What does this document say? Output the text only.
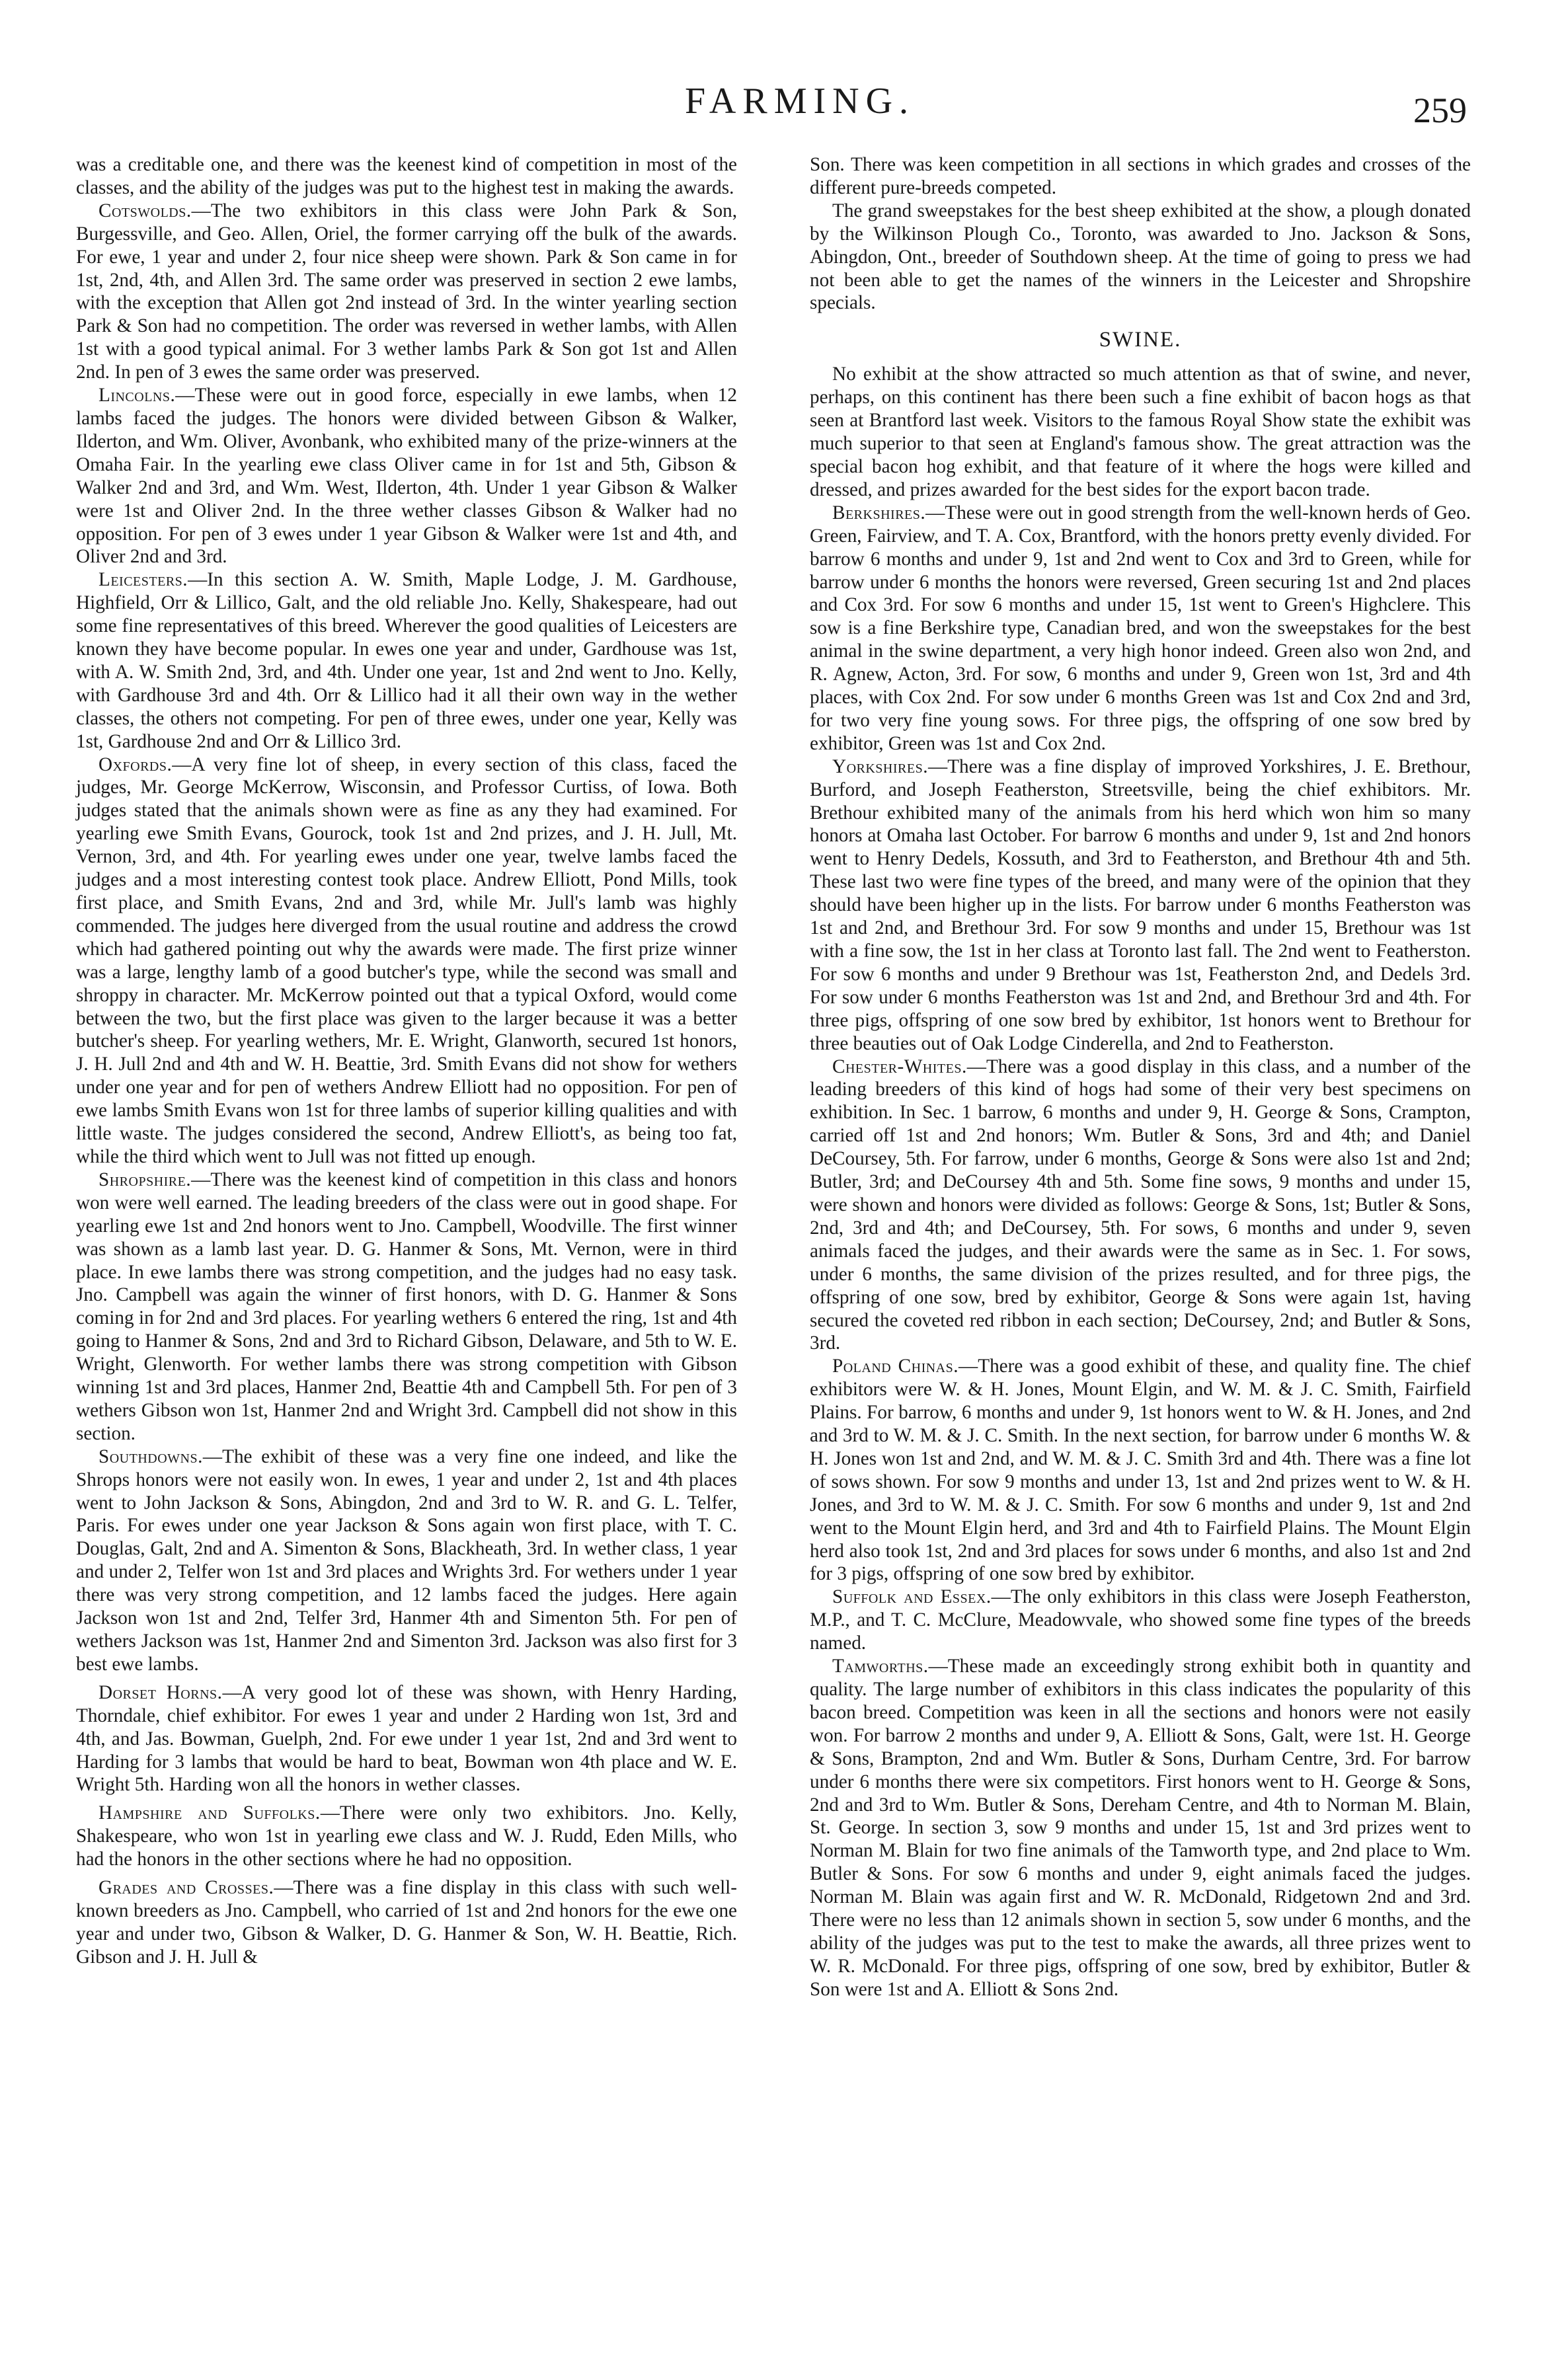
FARMING.	259

was a creditable one, and there was the keenest kind of competition in most of the classes, and the ability of the judges was put to the highest test in making the awards.

Cotswolds.—The two exhibitors in this class were John Park & Son, Burgessville, and Geo. Allen, Oriel, the former carrying off the bulk of the awards. For ewe, 1 year and under 2, four nice sheep were shown. Park & Son came in for 1st, 2nd, 4th, and Allen 3rd. The same order was preserved in section 2 ewe lambs, with the exception that Allen got 2nd instead of 3rd. In the winter yearling section Park & Son had no competition. The order was reversed in wether lambs, with Allen 1st with a good typical animal. For 3 wether lambs Park & Son got 1st and Allen 2nd. In pen of 3 ewes the same order was preserved.

Lincolns.—These were out in good force, especially in ewe lambs, when 12 lambs faced the judges. The honors were divided between Gibson & Walker, Ilderton, and Wm. Oliver, Avonbank, who exhibited many of the prize-winners at the Omaha Fair. In the yearling ewe class Oliver came in for 1st and 5th, Gibson & Walker 2nd and 3rd, and Wm. West, Ilderton, 4th. Under 1 year Gibson & Walker were 1st and Oliver 2nd. In the three wether classes Gibson & Walker had no opposition. For pen of 3 ewes under 1 year Gibson & Walker were 1st and 4th, and Oliver 2nd and 3rd.

Leicesters.—In this section A. W. Smith, Maple Lodge, J. M. Gardhouse, Highfield, Orr & Lillico, Galt, and the old reliable Jno. Kelly, Shakespeare, had out some fine representatives of this breed. Wherever the good qualities of Leicesters are known they have become popular. In ewes one year and under, Gardhouse was 1st, with A. W. Smith 2nd, 3rd, and 4th. Under one year, 1st and 2nd went to Jno. Kelly, with Gardhouse 3rd and 4th. Orr & Lillico had it all their own way in the wether classes, the others not competing. For pen of three ewes, under one year, Kelly was 1st, Gardhouse 2nd and Orr & Lillico 3rd.

Oxfords.—A very fine lot of sheep, in every section of this class, faced the judges, Mr. George McKerrow, Wisconsin, and Professor Curtiss, of Iowa. Both judges stated that the animals shown were as fine as any they had examined. For yearling ewe Smith Evans, Gourock, took 1st and 2nd prizes, and J. H. Jull, Mt. Vernon, 3rd, and 4th. For yearling ewes under one year, twelve lambs faced the judges and a most interesting contest took place. Andrew Elliott, Pond Mills, took first place, and Smith Evans, 2nd and 3rd, while Mr. Jull's lamb was highly commended. The judges here diverged from the usual routine and address the crowd which had gathered pointing out why the awards were made. The first prize winner was a large, lengthy lamb of a good butcher's type, while the second was small and shroppy in character. Mr. McKerrow pointed out that a typical Oxford, would come between the two, but the first place was given to the larger because it was a better butcher's sheep. For yearling wethers, Mr. E. Wright, Glanworth, secured 1st honors, J. H. Jull 2nd and 4th and W. H. Beattie, 3rd. Smith Evans did not show for wethers under one year and for pen of wethers Andrew Elliott had no opposition. For pen of ewe lambs Smith Evans won 1st for three lambs of superior killing qualities and with little waste. The judges considered the second, Andrew Elliott's, as being too fat, while the third which went to Jull was not fitted up enough.

Shropshire.—There was the keenest kind of competition in this class and honors won were well earned. The leading breeders of the class were out in good shape. For yearling ewe 1st and 2nd honors went to Jno. Campbell, Woodville. The first winner was shown as a lamb last year. D. G. Hanmer & Sons, Mt. Vernon, were in third place. In ewe lambs there was strong competition, and the judges had no easy task. Jno. Campbell was again the winner of first honors, with D. G. Hanmer & Sons coming in for 2nd and 3rd places. For yearling wethers 6 entered the ring, 1st and 4th going to Hanmer & Sons, 2nd and 3rd to Richard Gibson, Delaware, and 5th to W. E. Wright, Glenworth. For wether lambs there was strong competition with Gibson winning 1st and 3rd places, Hanmer 2nd, Beattie 4th and Campbell 5th. For pen of 3 wethers Gibson won 1st, Hanmer 2nd and Wright 3rd. Campbell did not show in this section.

Southdowns.—The exhibit of these was a very fine one indeed, and like the Shrops honors were not easily won. In ewes, 1 year and under 2, 1st and 4th places went to John Jackson & Sons, Abingdon, 2nd and 3rd to W. R. and G. L. Telfer, Paris. For ewes under one year Jackson & Sons again won first place, with T. C. Douglas, Galt, 2nd and A. Simenton & Sons, Blackheath, 3rd. In wether class, 1 year and under 2, Telfer won 1st and 3rd places and Wrights 3rd. For wethers under 1 year there was very strong competition, and 12 lambs faced the judges. Here again Jackson won 1st and 2nd, Telfer 3rd, Hanmer 4th and Simenton 5th. For pen of wethers Jackson was 1st, Hanmer 2nd and Simenton 3rd. Jackson was also first for 3 best ewe lambs.

Dorset Horns.—A very good lot of these was shown, with Henry Harding, Thorndale, chief exhibitor. For ewes 1 year and under 2 Harding won 1st, 3rd and 4th, and Jas. Bowman, Guelph, 2nd. For ewe under 1 year 1st, 2nd and 3rd went to Harding for 3 lambs that would be hard to beat, Bowman won 4th place and W. E. Wright 5th. Harding won all the honors in wether classes.

Hampshire and Suffolks.—There were only two exhibitors. Jno. Kelly, Shakespeare, who won 1st in yearling ewe class and W. J. Rudd, Eden Mills, who had the honors in the other sections where he had no opposition.

Grades and Crosses.—There was a fine display in this class with such well-known breeders as Jno. Campbell, who carried of 1st and 2nd honors for the ewe one year and under two, Gibson & Walker, D. G. Hanmer & Son, W. H. Beattie, Rich. Gibson and J. H. Jull &

Son. There was keen competition in all sections in which grades and crosses of the different pure-breeds competed.

The grand sweepstakes for the best sheep exhibited at the show, a plough donated by the Wilkinson Plough Co., Toronto, was awarded to Jno. Jackson & Sons, Abingdon, Ont., breeder of Southdown sheep. At the time of going to press we had not been able to get the names of the winners in the Leicester and Shropshire specials.

SWINE.

No exhibit at the show attracted so much attention as that of swine, and never, perhaps, on this continent has there been such a fine exhibit of bacon hogs as that seen at Brantford last week. Visitors to the famous Royal Show state the exhibit was much superior to that seen at England's famous show. The great attraction was the special bacon hog exhibit, and that feature of it where the hogs were killed and dressed, and prizes awarded for the best sides for the export bacon trade.

Berkshires.—These were out in good strength from the well-known herds of Geo. Green, Fairview, and T. A. Cox, Brantford, with the honors pretty evenly divided. For barrow 6 months and under 9, 1st and 2nd went to Cox and 3rd to Green, while for barrow under 6 months the honors were reversed, Green securing 1st and 2nd places and Cox 3rd. For sow 6 months and under 15, 1st went to Green's Highclere. This sow is a fine Berkshire type, Canadian bred, and won the sweepstakes for the best animal in the swine department, a very high honor indeed. Green also won 2nd, and R. Agnew, Acton, 3rd. For sow, 6 months and under 9, Green won 1st, 3rd and 4th places, with Cox 2nd. For sow under 6 months Green was 1st and Cox 2nd and 3rd, for two very fine young sows. For three pigs, the offspring of one sow bred by exhibitor, Green was 1st and Cox 2nd.

Yorkshires.—There was a fine display of improved Yorkshires, J. E. Brethour, Burford, and Joseph Featherston, Streetsville, being the chief exhibitors. Mr. Brethour exhibited many of the animals from his herd which won him so many honors at Omaha last October. For barrow 6 months and under 9, 1st and 2nd honors went to Henry Dedels, Kossuth, and 3rd to Featherston, and Brethour 4th and 5th. These last two were fine types of the breed, and many were of the opinion that they should have been higher up in the lists. For barrow under 6 months Featherston was 1st and 2nd, and Brethour 3rd. For sow 9 months and under 15, Brethour was 1st with a fine sow, the 1st in her class at Toronto last fall. The 2nd went to Featherston. For sow 6 months and under 9 Brethour was 1st, Featherston 2nd, and Dedels 3rd. For sow under 6 months Featherston was 1st and 2nd, and Brethour 3rd and 4th. For three pigs, offspring of one sow bred by exhibitor, 1st honors went to Brethour for three beauties out of Oak Lodge Cinderella, and 2nd to Featherston.

Chester-Whites.—There was a good display in this class, and a number of the leading breeders of this kind of hogs had some of their very best specimens on exhibition. In Sec. 1 barrow, 6 months and under 9, H. George & Sons, Crampton, carried off 1st and 2nd honors; Wm. Butler & Sons, 3rd and 4th; and Daniel DeCoursey, 5th. For farrow, under 6 months, George & Sons were also 1st and 2nd; Butler, 3rd; and DeCoursey 4th and 5th. Some fine sows, 9 months and under 15, were shown and honors were divided as follows: George & Sons, 1st; Butler & Sons, 2nd, 3rd and 4th; and DeCoursey, 5th. For sows, 6 months and under 9, seven animals faced the judges, and their awards were the same as in Sec. 1. For sows, under 6 months, the same division of the prizes resulted, and for three pigs, the offspring of one sow, bred by exhibitor, George & Sons were again 1st, having secured the coveted red ribbon in each section; DeCoursey, 2nd; and Butler & Sons, 3rd.

Poland Chinas.—There was a good exhibit of these, and quality fine. The chief exhibitors were W. & H. Jones, Mount Elgin, and W. M. & J. C. Smith, Fairfield Plains. For barrow, 6 months and under 9, 1st honors went to W. & H. Jones, and 2nd and 3rd to W. M. & J. C. Smith. In the next section, for barrow under 6 months W. & H. Jones won 1st and 2nd, and W. M. & J. C. Smith 3rd and 4th. There was a fine lot of sows shown. For sow 9 months and under 13, 1st and 2nd prizes went to W. & H. Jones, and 3rd to W. M. & J. C. Smith. For sow 6 months and under 9, 1st and 2nd went to the Mount Elgin herd, and 3rd and 4th to Fairfield Plains. The Mount Elgin herd also took 1st, 2nd and 3rd places for sows under 6 months, and also 1st and 2nd for 3 pigs, offspring of one sow bred by exhibitor.

Suffolk and Essex.—The only exhibitors in this class were Joseph Featherston, M.P., and T. C. McClure, Meadowvale, who showed some fine types of the breeds named.

Tamworths.—These made an exceedingly strong exhibit both in quantity and quality. The large number of exhibitors in this class indicates the popularity of this bacon breed. Competition was keen in all the sections and honors were not easily won. For barrow 2 months and under 9, A. Elliott & Sons, Galt, were 1st. H. George & Sons, Brampton, 2nd and Wm. Butler & Sons, Durham Centre, 3rd. For barrow under 6 months there were six competitors. First honors went to H. George & Sons, 2nd and 3rd to Wm. Butler & Sons, Dereham Centre, and 4th to Norman M. Blain, St. George. In section 3, sow 9 months and under 15, 1st and 3rd prizes went to Norman M. Blain for two fine animals of the Tamworth type, and 2nd place to Wm. Butler & Sons. For sow 6 months and under 9, eight animals faced the judges. Norman M. Blain was again first and W. R. McDonald, Ridgetown 2nd and 3rd. There were no less than 12 animals shown in section 5, sow under 6 months, and the ability of the judges was put to the test to make the awards, all three prizes went to W. R. McDonald. For three pigs, offspring of one sow, bred by exhibitor, Butler & Son were 1st and A. Elliott & Sons 2nd.
